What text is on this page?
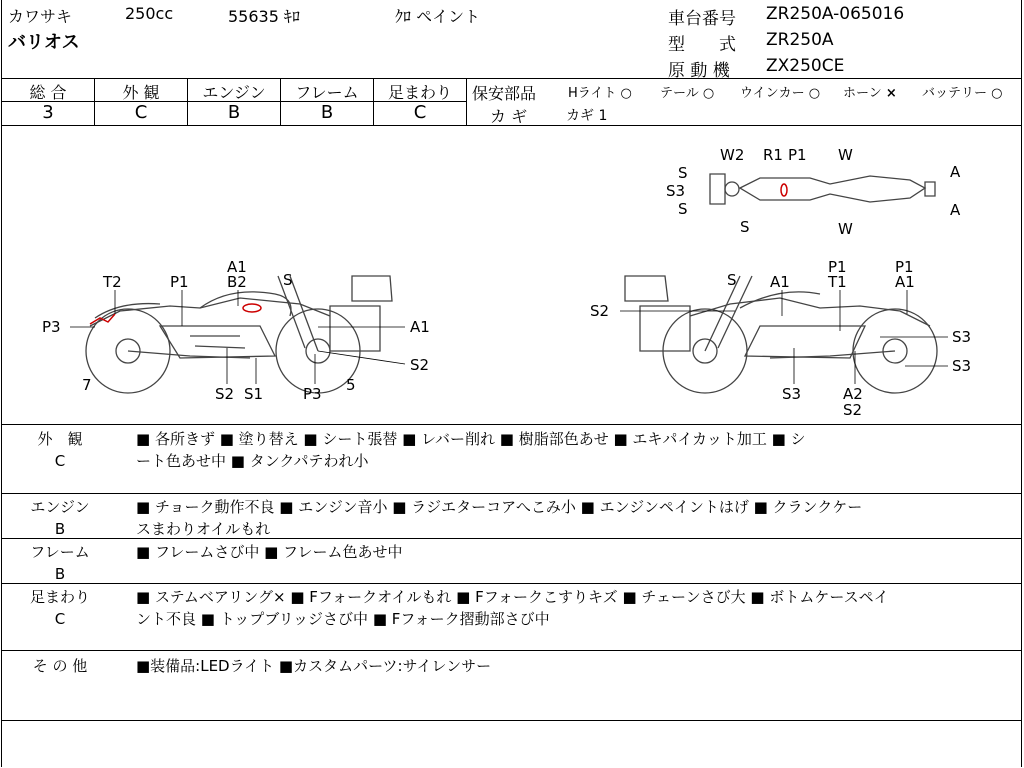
カワサキ	250cc	55635 ｷﾛ	ｸﾛ ペイント
バリオス
車台番号 ZR250A-065016
型　　式 ZR250A
原 動 機 ZX250CE
総 合	外 観	エンジン	フレーム	足まわり
3	C	B	B	C
保安部品 Hライト ○ テール ○ ウインカー ○ ホーン × バッテリー ○
カ ギ	カギ 1
T2	P1
A1
B2 S
P3	A1
7	S2 S1	P3 5
S2
S A1
P1
T1
P1
A1
S2
S3
S3
S3	A2
S2
W2 R1 P1 W
S
S3
S
S
A
A
W
外　観
C
■ 各所きず ■ 塗り替え ■ シート張替 ■ レバー削れ ■ 樹脂部色あせ ■ エキパイカット加工 ■ シ
ート色あせ中 ■ タンクパテわれ小
エンジン
B
■ チョーク動作不良 ■ エンジン音小 ■ ラジエターコアへこみ小 ■ エンジンペイントはげ ■ クランクケー
スまわりオイルもれ
フレーム
B
■ フレームさび中 ■ フレーム色あせ中
足まわり
C
■ ステムベアリング× ■ Fフォークオイルもれ ■ Fフォークこすりキズ ■ チェーンさび大 ■ ボトムケースペイ
ント不良 ■ トップブリッジさび中 ■ Fフォーク摺動部さび中
そ の 他	■装備品:LEDライト ■カスタムパーツ:サイレンサー
